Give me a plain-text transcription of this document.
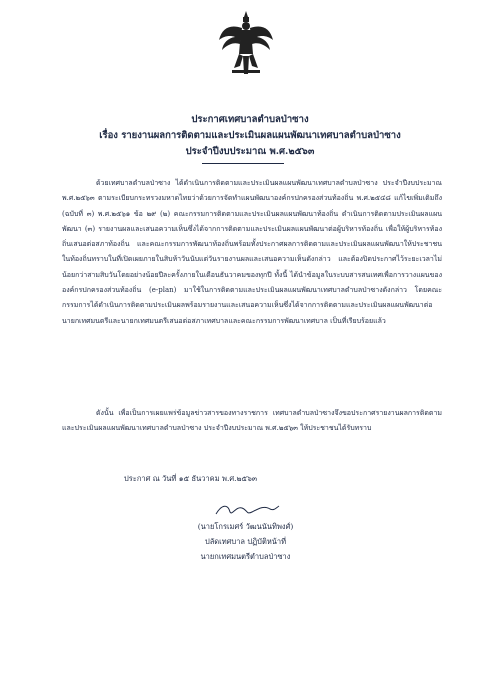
ประกาศเทศบาลตำบลป่าซาง
เรื่อง รายงานผลการติดตามและประเมินผลแผนพัฒนาเทศบาลตำบลป่าซาง
ประจำปีงบประมาณ พ.ศ.๒๕๖๓
ด้วยเทศบาลตำบลป่าซาง ได้ดำเนินการติดตามและประเมินผลแผนพัฒนาเทศบาลตำบลป่าซาง ประจำปีงบประมาณ พ.ศ.๒๕๖๓ ตามระเบียบกระทรวงมหาดไทยว่าด้วยการจัดทำแผนพัฒนาองค์กรปกครองส่วนท้องถิ่น พ.ศ.๒๕๔๘ แก้ไขเพิ่มเติมถึง (ฉบับที่ ๓) พ.ศ.๒๕๖๑ ข้อ ๒๙ (๒) คณะกรรมการติดตามและประเมินผลแผนพัฒนาท้องถิ่น ดำเนินการติดตามประเมินผลแผนพัฒนา (๓) รายงานผลและเสนอความเห็นซึ่งได้จากการติดตามและประเมินผลแผนพัฒนาต่อผู้บริหารท้องถิ่น เพื่อให้ผู้บริหารท้องถิ่นเสนอต่อสภาท้องถิ่น และคณะกรรมการพัฒนาท้องถิ่นพร้อมทั้งประกาศผลการติดตามและประเมินผลแผนพัฒนาให้ประชาชนในท้องถิ่นทราบในที่เปิดเผยภายในสิบห้าวันนับแต่วันรายงานผลและเสนอความเห็นดังกล่าว และต้องปิดประกาศไว้ระยะเวลาไม่น้อยกว่าสามสิบวันโดยอย่างน้อยปีละครั้งภายในเดือนธันวาคมของทุกปี ทั้งนี้ ได้นำข้อมูลในระบบสารสนเทศเพื่อการวางแผนขององค์กรปกครองส่วนท้องถิ่น (e-plan) มาใช้ในการติดตามและประเมินผลแผนพัฒนาเทศบาลตำบลป่าซางดังกล่าว โดยคณะกรรมการได้ดำเนินการติดตามประเมินผลพร้อมรายงานและเสนอความเห็นซึ่งได้จากการติดตามและประเมินผลแผนพัฒนาต่อนายกเทศมนตรีและนายกเทศมนตรีเสนอต่อสภาเทศบาลและคณะกรรมการพัฒนาเทศบาล เป็นที่เรียบร้อยแล้ว
ดังนั้น เพื่อเป็นการเผยแพร่ข้อมูลข่าวสารของทางราชการ เทศบาลตำบลป่าซางจึงขอประกาศรายงานผลการติดตามและประเมินผลแผนพัฒนาเทศบาลตำบลป่าซาง ประจำปีงบประมาณ พ.ศ.๒๕๖๓ ให้ประชาชนได้รับทราบ
ประกาศ ณ วันที่ ๑๕ ธันวาคม พ.ศ.๒๕๖๓
(นายโกรเมศร์ วัฒนนันทิพงศ์)
ปลัดเทศบาล ปฏิบัติหน้าที่
นายกเทศมนตรีตำบลป่าซาง
